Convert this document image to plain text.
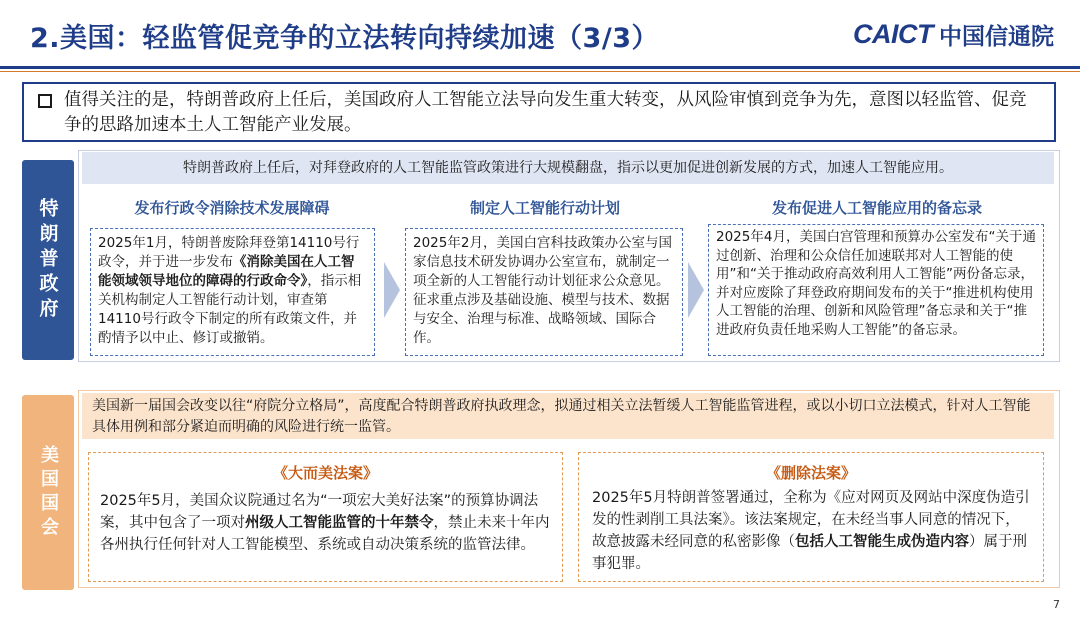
2.美国：轻监管促竞争的立法转向持续加速（3/3）	CAICT 中国信通院
值得关注的是，特朗普政府上任后，美国政府人工智能立法导向发生重大转变，从风险审慎到竞争为先，意图以轻监管、促竞争的思路加速本土人工智能产业发展。
特朗普政府
特朗普政府上任后，对拜登政府的人工智能监管政策进行大规模翻盘，指示以更加促进创新发展的方式，加速人工智能应用。
发布行政令消除技术发展障碍	制定人工智能行动计划	发布促进人工智能应用的备忘录
2025年1月，特朗普废除拜登第14110号行政令，并于进一步发布《消除美国在人工智能领域领导地位的障碍的行政命令》，指示相关机构制定人工智能行动计划，审查第14110号行政令下制定的所有政策文件，并酌情予以中止、修订或撤销。
2025年2月，美国白宫科技政策办公室与国家信息技术研发协调办公室宣布，就制定一项全新的人工智能行动计划征求公众意见。征求重点涉及基础设施、模型与技术、数据与安全、治理与标准、战略领域、国际合作。
2025年4月，美国白宫管理和预算办公室发布“关于通过创新、治理和公众信任加速联邦对人工智能的使用”和“关于推动政府高效利用人工智能”两份备忘录，并对应废除了拜登政府期间发布的关于“推进机构使用人工智能的治理、创新和风险管理”备忘录和关于“推进政府负责任地采购人工智能”的备忘录。
美国国会
美国新一届国会改变以往“府院分立格局”，高度配合特朗普政府执政理念，拟通过相关立法暂缓人工智能监管进程，或以小切口立法模式，针对人工智能具体用例和部分紧迫而明确的风险进行统一监管。
《大而美法案》
2025年5月，美国众议院通过名为“一项宏大美好法案”的预算协调法案，其中包含了一项对州级人工智能监管的十年禁令，禁止未来十年内各州执行任何针对人工智能模型、系统或自动决策系统的监管法律。
《删除法案》
2025年5月特朗普签署通过，全称为《应对网页及网站中深度伪造引发的性剥削工具法案》。该法案规定，在未经当事人同意的情况下，故意披露未经同意的私密影像（包括人工智能生成伪造内容）属于刑事犯罪。
7
